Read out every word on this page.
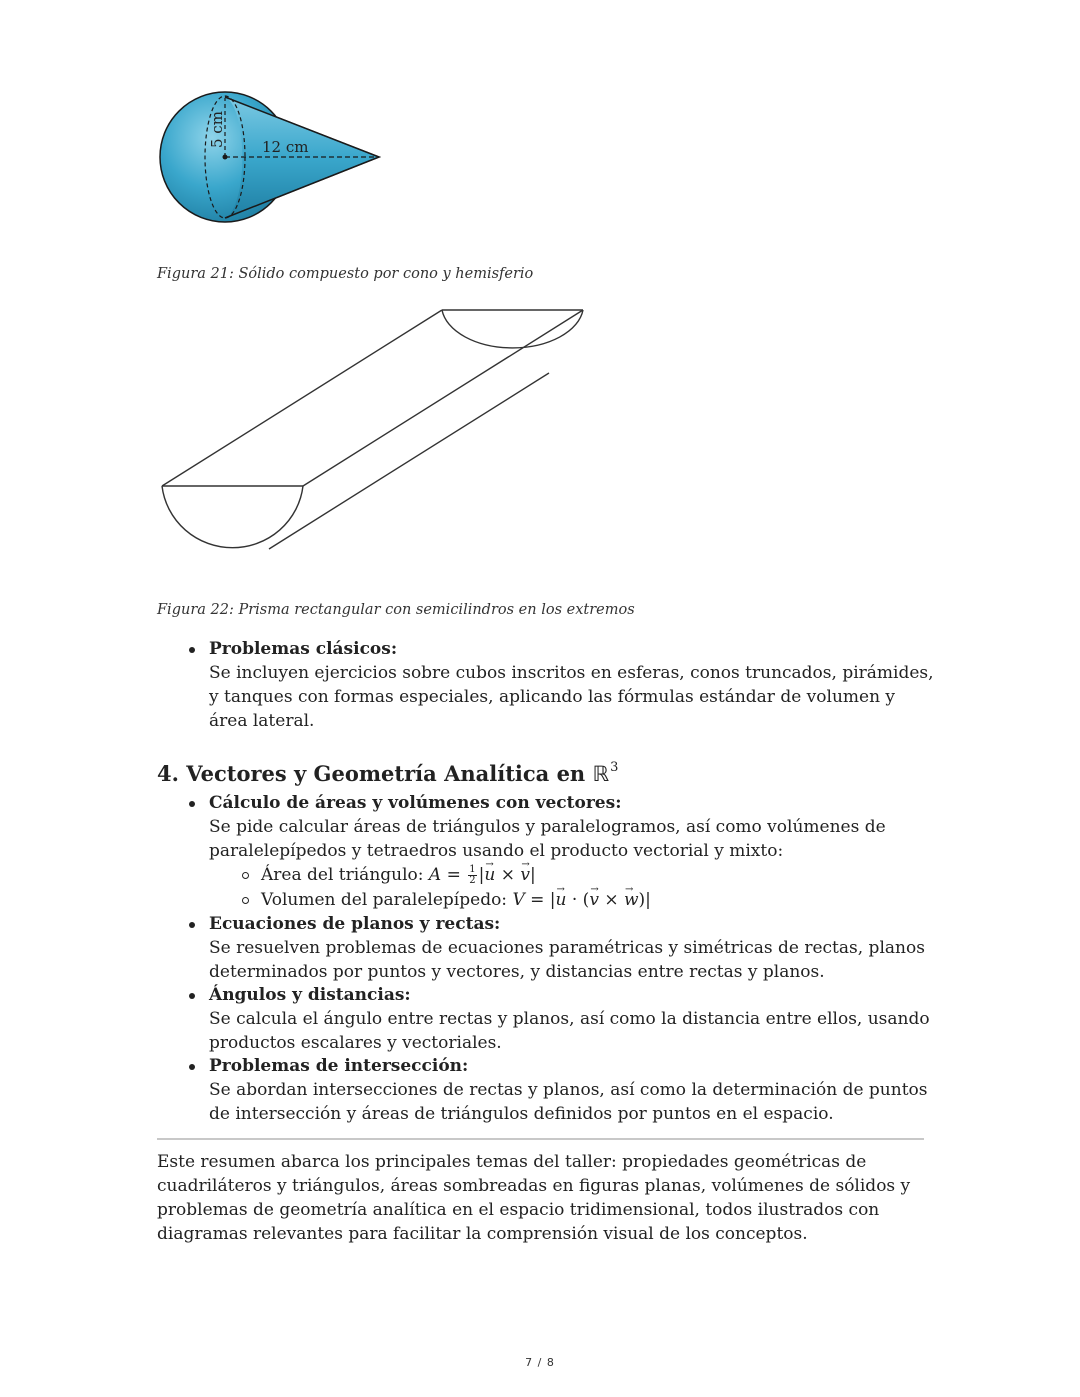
5 cm 12 cm
Figura 21: Sólido compuesto por cono y hemisferio
Figura 22: Prisma rectangular con semicilindros en los extremos
Problemas clásicos:
Se incluyen ejercicios sobre cubos inscritos en esferas, conos truncados, pirámides, y tanques con formas especiales, aplicando las fórmulas estándar de volumen y área lateral.
4. Vectores y Geometría Analítica en ℝ$^3$
Cálculo de áreas y volúmenes con vectores:
Se pide calcular áreas de triángulos y paralelogramos, así como volúmenes de paralelepípedos y tetraedros usando el producto vectorial y mixto:
Área del triángulo: $A = \frac{1}{2} |u$ → × v →|
Volumen del paralelepípedo: V = |u → · (v → × w →)|
Ecuaciones de planos y rectas:
Se resuelven problemas de ecuaciones paramétricas y simétricas de rectas, planos determinados por puntos y vectores, y distancias entre rectas y planos.
Ángulos y distancias:
Se calcula el ángulo entre rectas y planos, así como la distancia entre ellos, usando productos escalares y vectoriales.
Problemas de intersección:
Se abordan intersecciones de rectas y planos, así como la determinación de puntos de intersección y áreas de triángulos definidos por puntos en el espacio.
Este resumen abarca los principales temas del taller: propiedades geométricas de cuadriláteros y triángulos, áreas sombreadas en figuras planas, volúmenes de sólidos y problemas de geometría analítica en el espacio tridimensional, todos ilustrados con diagramas relevantes para facilitar la comprensión visual de los conceptos.
7 / 8
